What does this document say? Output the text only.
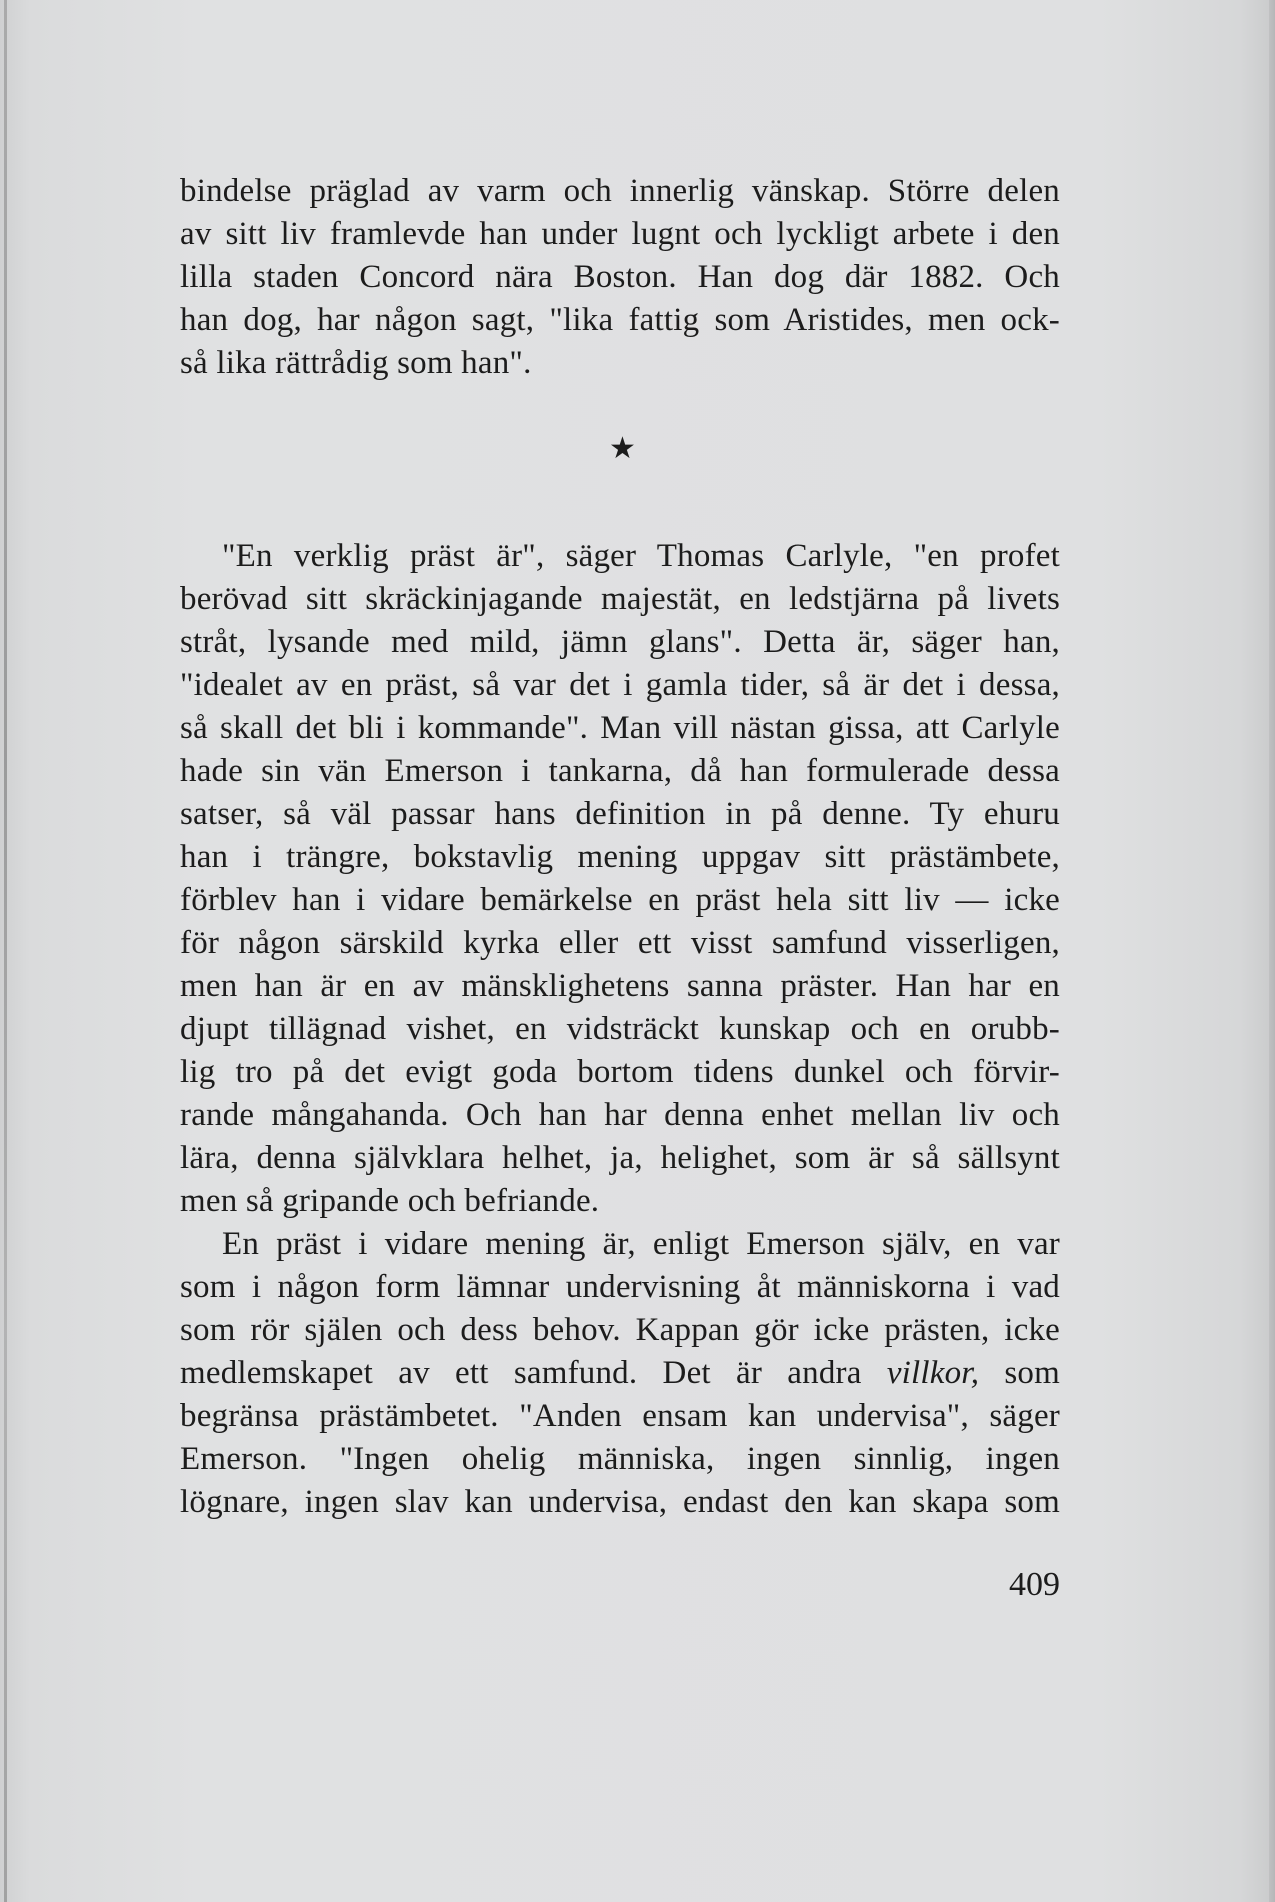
bindelse präglad av varm och innerlig vänskap. Större delen
av sitt liv framlevde han under lugnt och lyckligt arbete i den
lilla staden Concord nära Boston. Han dog där 1882. Och
han dog, har någon sagt, "lika fattig som Aristides, men ock-
så lika rättrådig som han".
★
"En verklig präst är", säger Thomas Carlyle, "en profet
berövad sitt skräckinjagande majestät, en ledstjärna på livets
stråt, lysande med mild, jämn glans". Detta är, säger han,
"idealet av en präst, så var det i gamla tider, så är det i dessa,
så skall det bli i kommande". Man vill nästan gissa, att Carlyle
hade sin vän Emerson i tankarna, då han formulerade dessa
satser, så väl passar hans definition in på denne. Ty ehuru
han i trängre, bokstavlig mening uppgav sitt prästämbete,
förblev han i vidare bemärkelse en präst hela sitt liv — icke
för någon särskild kyrka eller ett visst samfund visserligen,
men han är en av mänsklighetens sanna präster. Han har en
djupt tillägnad vishet, en vidsträckt kunskap och en orubb-
lig tro på det evigt goda bortom tidens dunkel och förvir-
rande mångahanda. Och han har denna enhet mellan liv och
lära, denna självklara helhet, ja, helighet, som är så sällsynt
men så gripande och befriande.
En präst i vidare mening är, enligt Emerson själv, en var
som i någon form lämnar undervisning åt människorna i vad
som rör själen och dess behov. Kappan gör icke prästen, icke
medlemskapet av ett samfund. Det är andra villkor, som
begränsa prästämbetet. "Anden ensam kan undervisa", säger
Emerson. "Ingen ohelig människa, ingen sinnlig, ingen
lögnare, ingen slav kan undervisa, endast den kan skapa som
409
